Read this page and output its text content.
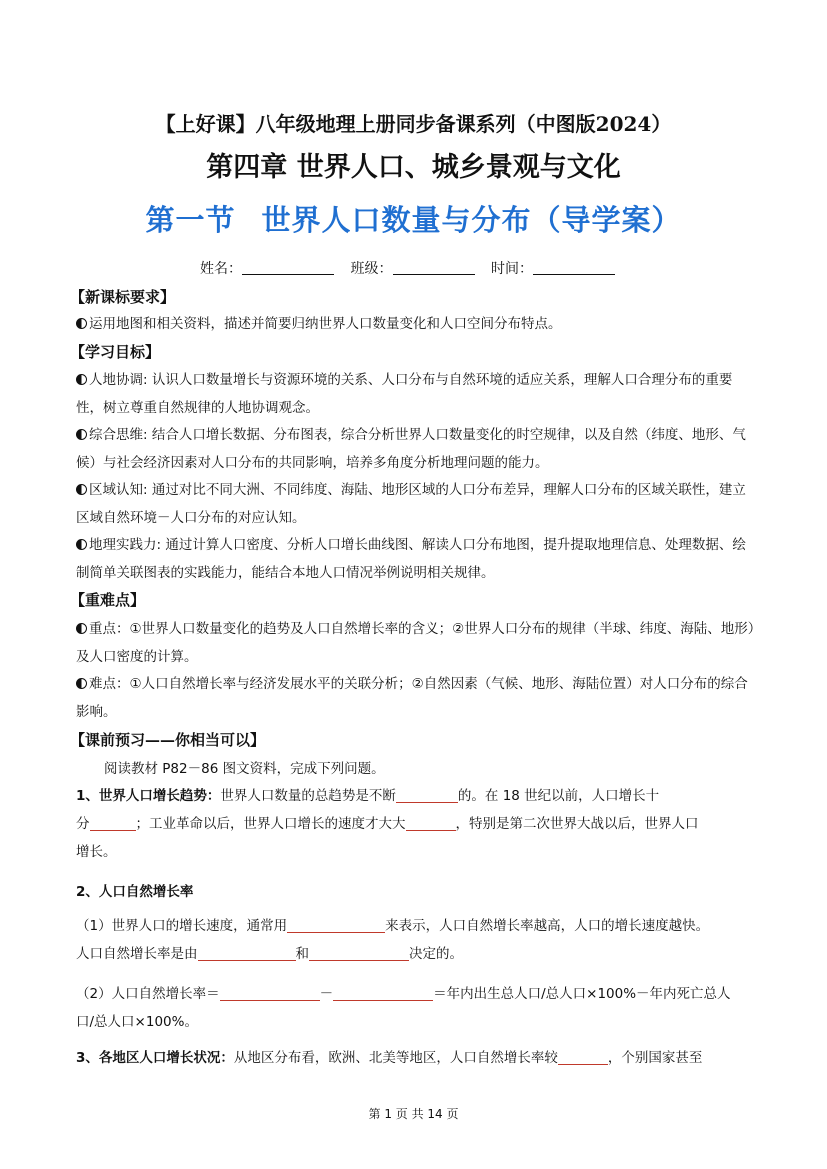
【上好课】八年级地理上册同步备课系列（中图版2024）
第四章 世界人口、城乡景观与文化
第一节 世界人口数量与分布（导学案）
姓名：	班级：	时间：
【新课标要求】
运用地图和相关资料，描述并简要归纳世界人口数量变化和人口空间分布特点。
【学习目标】
人地协调: 认识人口数量增长与资源环境的关系、人口分布与自然环境的适应关系，理解人口合理分布的重要性，树立尊重自然规律的人地协调观念。
综合思维: 结合人口增长数据、分布图表，综合分析世界人口数量变化的时空规律，以及自然（纬度、地形、气候）与社会经济因素对人口分布的共同影响，培养多角度分析地理问题的能力。
区域认知: 通过对比不同大洲、不同纬度、海陆、地形区域的人口分布差异，理解人口分布的区域关联性，建立区域自然环境－人口分布的对应认知。
地理实践力: 通过计算人口密度、分析人口增长曲线图、解读人口分布地图，提升提取地理信息、处理数据、绘制简单关联图表的实践能力，能结合本地人口情况举例说明相关规律。
【重难点】
重点：①世界人口数量变化的趋势及人口自然增长率的含义；②世界人口分布的规律（半球、纬度、海陆、地形）及人口密度的计算。
难点：①人口自然增长率与经济发展水平的关联分析；②自然因素（气候、地形、海陆位置）对人口分布的综合影响。
【课前预习——你相当可以】
阅读教材 P82－86 图文资料，完成下列问题。
1、世界人口增长趋势：世界人口数量的总趋势是不断	的。在 18 世纪以前，人口增长十
分	；工业革命以后，世界人口增长的速度才大大	，特别是第二次世界大战以后，世界人口
增长。
2、人口自然增长率
（1）世界人口的增长速度，通常用	来表示，人口自然增长率越高，人口的增长速度越快。
人口自然增长率是由	和	决定的。
（2）人口自然增长率＝	－	＝年内出生总人口/总人口×100%－年内死亡总人
口/总人口×100%。
3、各地区人口增长状况：从地区分布看，欧洲、北美等地区，人口自然增长率较	，个别国家甚至
第 1 页 共 14 页
